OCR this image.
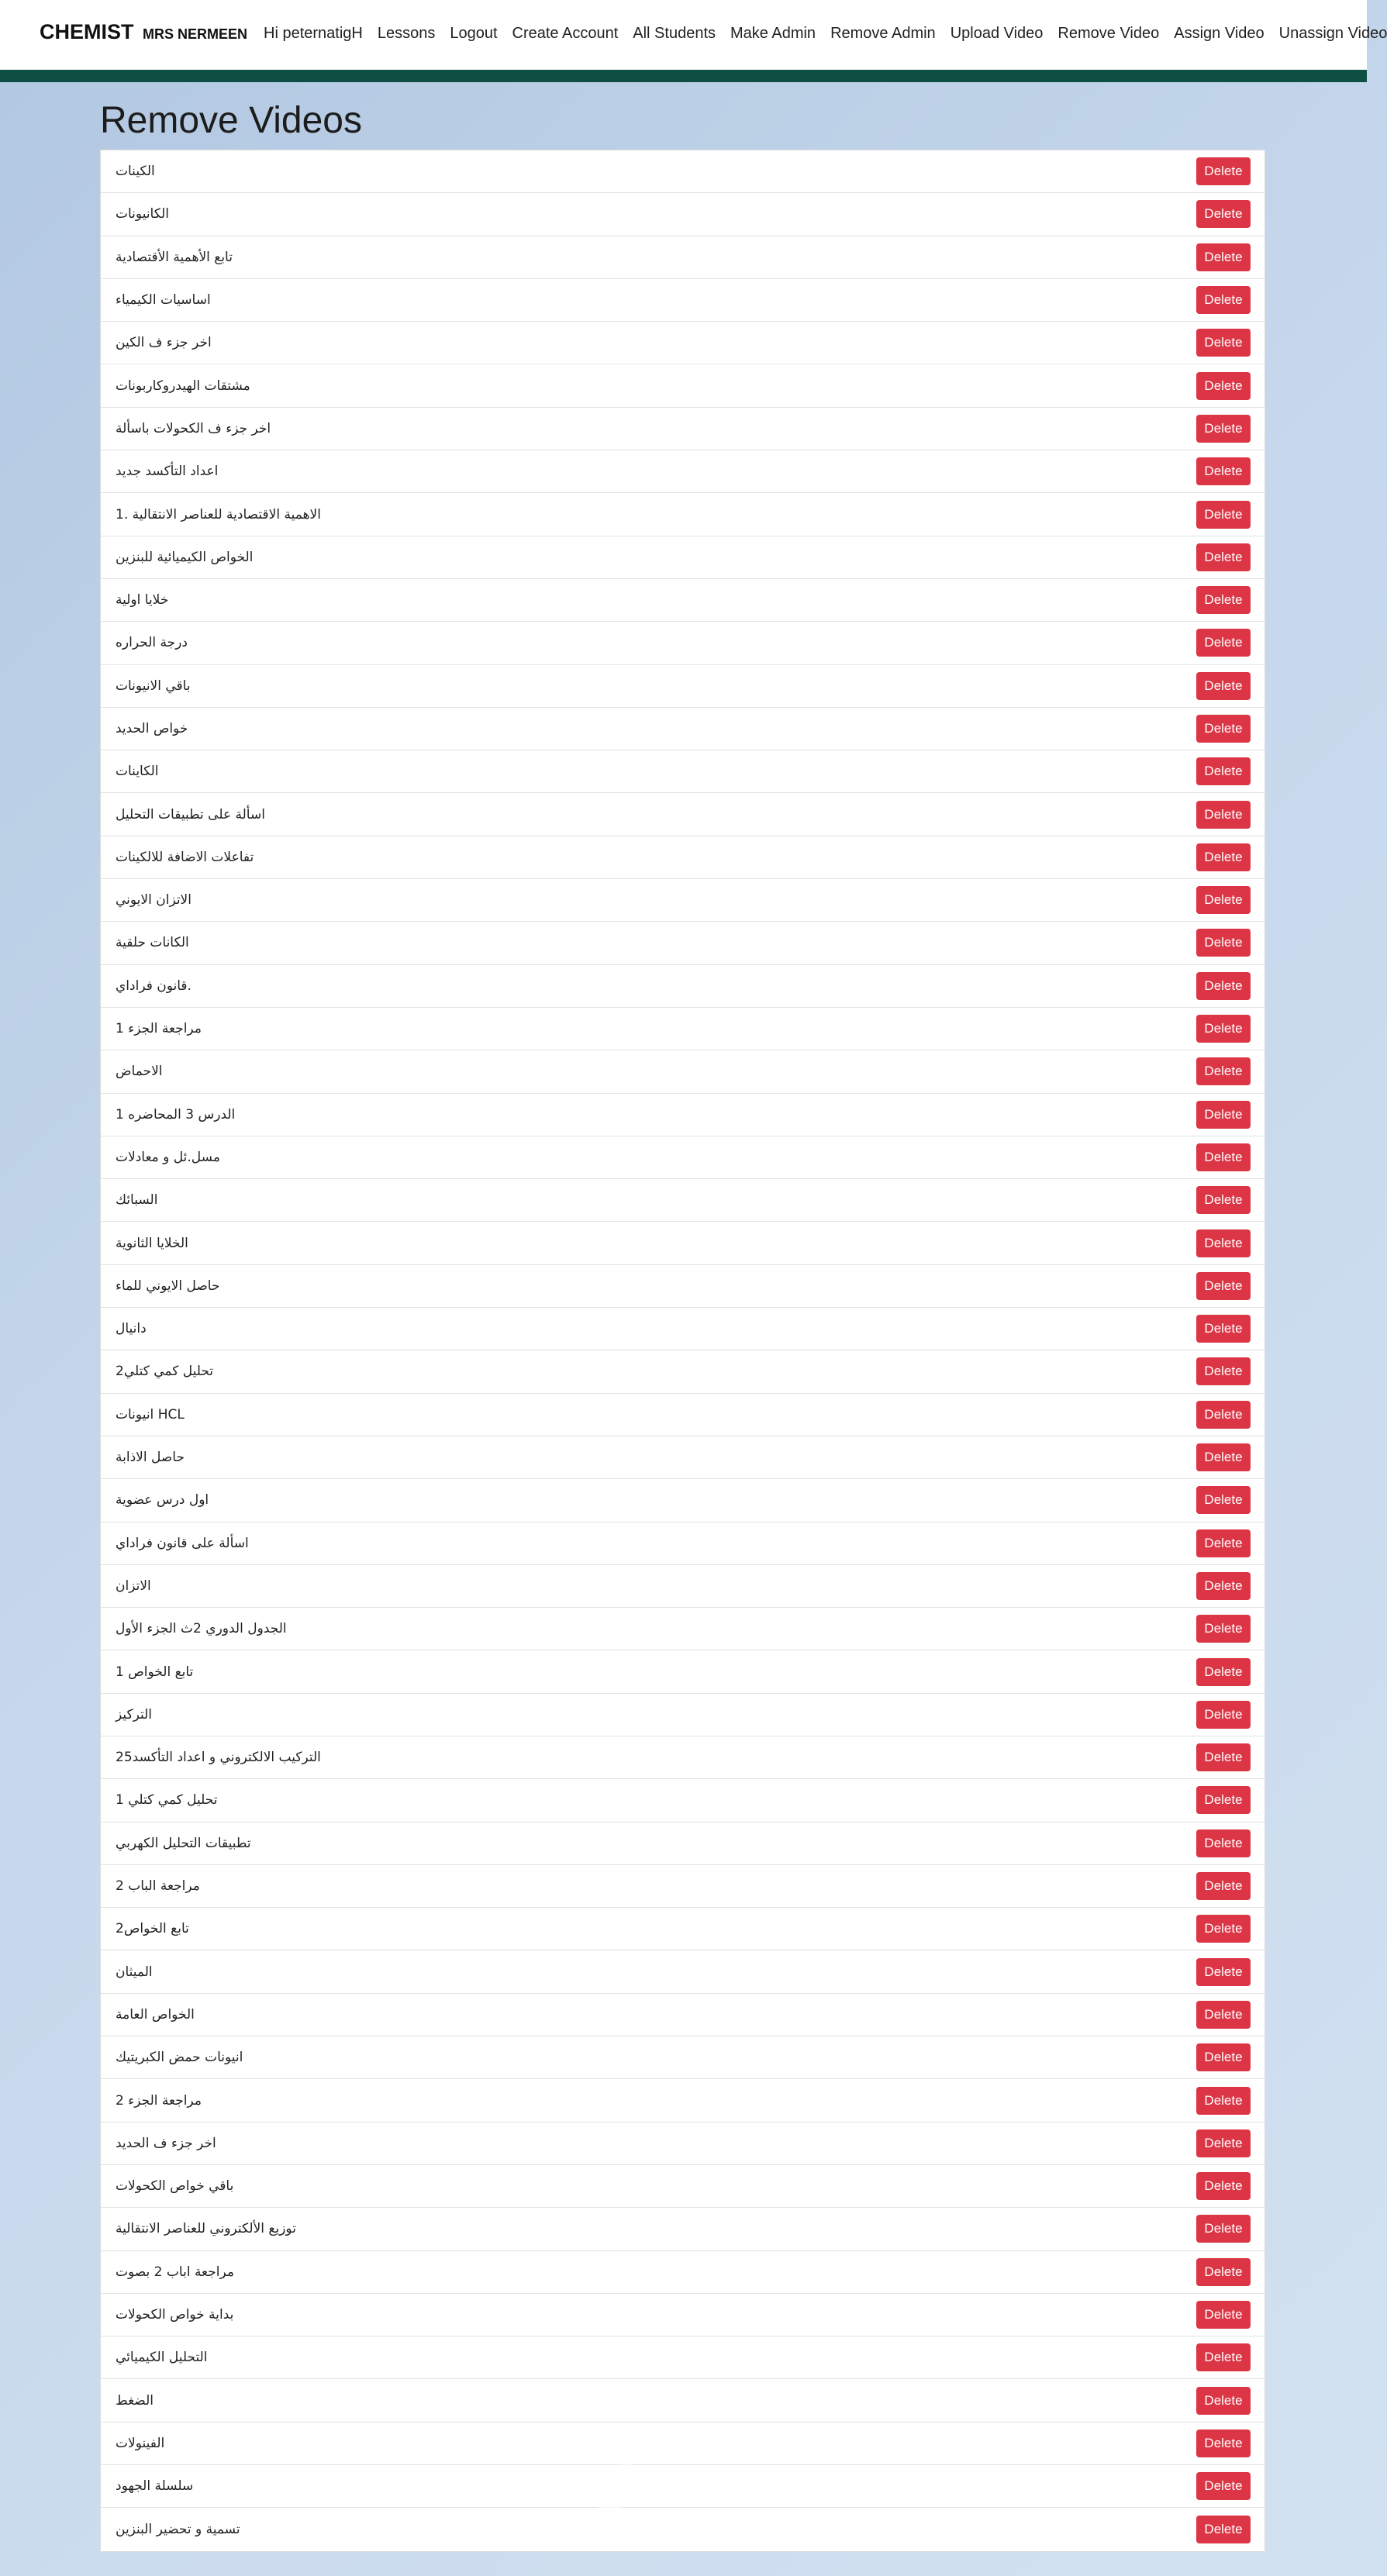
CHEMIST MRS NERMEEN Hi peternatigH Lessons Logout Create Account All Students Make Admin Remove Admin Upload Video Remove Video Assign Video Unassign Video
Remove Videos
الكينات	Delete
الكانيونات	Delete
تابع الأهمية الأقتصادية	Delete
اساسيات الكيمياء	Delete
اخر جزء ف الكين	Delete
مشتقات الهيدروكاربونات	Delete
اخر جزء ف الكحولات باسألة	Delete
اعداد التأكسد جديد	Delete
الاهمية الاقتصادية للعناصر الانتقالية .1	Delete
الخواص الكيميائية للبنزين	Delete
خلايا اولية	Delete
درجة الحراره	Delete
باقي الانيونات	Delete
خواص الحديد	Delete
الكاينات	Delete
اسألة على تطبيقات التحليل	Delete
تفاعلات الاضافة للالكينات	Delete
الاتزان الايوني	Delete
الكانات حلقية	Delete
قانون فراداي.	Delete
مراجعة الجزء 1	Delete
الاحماض	Delete
الدرس 3 المحاضره 1	Delete
مسل.ئل و معادلات	Delete
السبائك	Delete
الخلايا الثانوية	Delete
حاصل الايوني للماء	Delete
دانيال	Delete
تحليل كمي كتلي2	Delete
انيونات HCL	Delete
حاصل الاذابة	Delete
اول درس عضوية	Delete
اسألة على قانون فراداي	Delete
الاتزان	Delete
الجدول الدوري 2ث الجزء الأول	Delete
تابع الخواص 1	Delete
التركيز	Delete
التركيب الالكتروني و اعداد التأكسد25	Delete
تحليل كمي كتلي 1	Delete
تطبيقات التحليل الكهربي	Delete
مراجعة الباب 2	Delete
تابع الخواص2	Delete
الميثان	Delete
الخواص العامة	Delete
انيونات حمض الكبريتيك	Delete
مراجعة الجزء 2	Delete
اخر جزء ف الحديد	Delete
باقي خواص الكحولات	Delete
توزيع الألكتروني للعناصر الانتقالية	Delete
مراجعة اباب 2 بصوت	Delete
بداية خواص الكحولات	Delete
التحليل الكيميائي	Delete
الضغط	Delete
الفينولات	Delete
سلسلة الجهود	Delete
تسمية و تحضير البنزين	Delete
مستقل
nafezly.com
